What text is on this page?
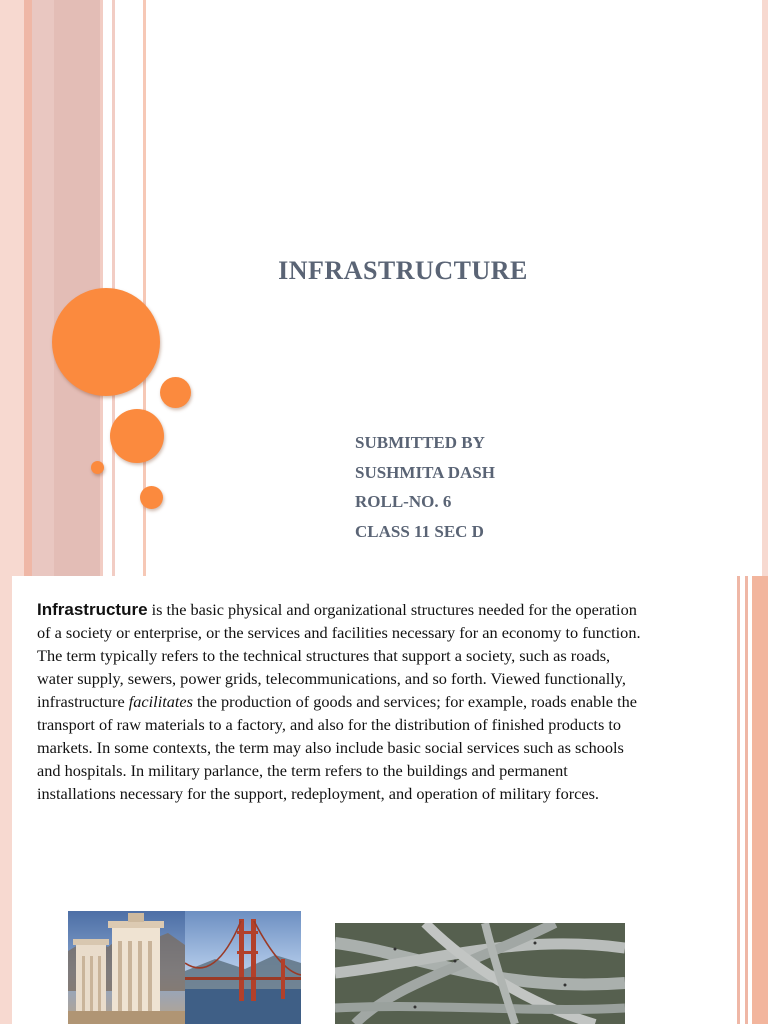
INFRASTRUCTURE
SUBMITTED BY
SUSHMITA DASH
ROLL-NO. 6
CLASS 11 SEC D

Infrastructure is the basic physical and organizational structures needed for the operation of a society or enterprise, or the services and facilities necessary for an economy to function. The term typically refers to the technical structures that support a society, such as roads, water supply, sewers, power grids, telecommunications, and so forth. Viewed functionally, infrastructure facilitates the production of goods and services; for example, roads enable the transport of raw materials to a factory, and also for the distribution of finished products to markets. In some contexts, the term may also include basic social services such as schools and hospitals. In military parlance, the term refers to the buildings and permanent installations necessary for the support, redeployment, and operation of military forces.
